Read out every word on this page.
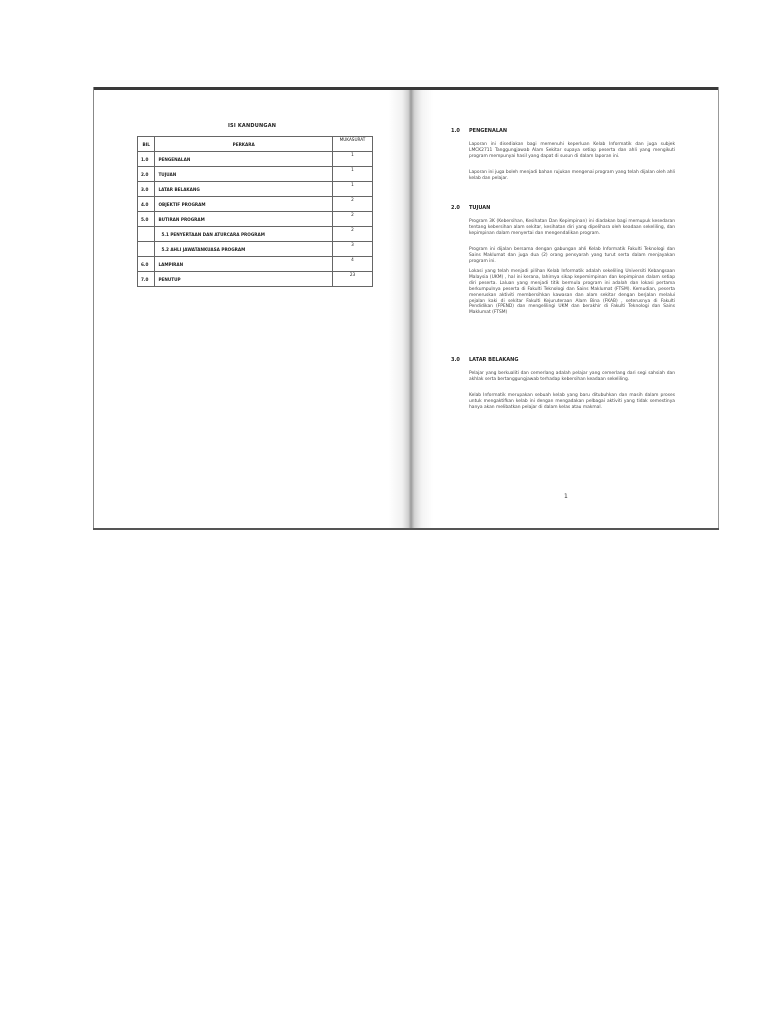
ISI KANDUNGAN
BIL	PERKARA	MUKASURAT
1.0	PENGENALAN	1
2.0	TUJUAN	1
3.0	LATAR BELAKANG	1
4.0	OBJEKTIF PROGRAM	2
5.0	BUTIRAN PROGRAM	2
	5.1 PENYERTAAN DAN ATURCARA PROGRAM	2
	5.2 AHLI JAWATANKUASA PROGRAM	3
6.0	LAMPIRAN	4
7.0	PENUTUP	23
1.0 PENGENALAN
Laporan ini disediakan bagi memenuhi keperluan Kelab Informatik dan juga subjek LMCK2711 Tanggungjawab Alam Sekitar supaya setiap peserta dan ahli yang mengikuti program mempunyai hasil yang dapat di susun di dalam laporan ini.
Laporan ini juga boleh menjadi bahan rujukan mengenai program yang telah dijalan oleh ahli kelab dan pelajar.
2.0 TUJUAN
Program 3K (Kebersihan, Kesihatan Dan Kepimpinan) ini diadakan bagi memupuk kesedaran tentang kebersihan alam sekitar, kesihatan diri yang dipelihara oleh keadaan sekeliling, dan kepimpinan dalam menyertai dan mengendalikan program.
Program ini dijalan bersama dengan gabungan ahli Kelab Informatik Fakulti Teknologi dan Sains Maklumat dan juga dua (2) orang pensyarah yang turut serta dalam menjayakan program ini.
Lokasi yang telah menjadi pilihan Kelab Informatik adalah sekeliling Universiti Kebangsaan Malaysia (UKM) , hal ini kerana, lahirnya sikap kepemimpinan dan kepimpinan dalam setiap diri peserta. Laluan yang menjadi titik bermula program ini adalah dan lokasi pertama berkumpulnya peserta di Fakulti Teknologi dan Sains Maklumat (FTSM). Kemudian, peserta meneruskan aktiviti membersihkan kawasan dan alam sekitar dengan berjalan melalui pejalan kaki di sekitar Fakulti Kejuruteraan Alam Bina (FKAB) , seterusnya di Fakulti Pendidikan (FPEND) dan mengelilingi UKM dan berakhir di Fakulti Teknologi dan Sains Maklumat (FTSM)
3.0 LATAR BELAKANG
Pelajar yang berkualiti dan cemerlang adalah pelajar yang cemerlang dari segi sahsiah dan akhlak serta bertanggungjawab terhadap kebersihan keadaan sekeliling.
Kelab Informatik merupakan sebuah kelab yang baru ditubuhkan dan masih dalam proses untuk mengaktifkan kelab ini dengan mengadakan pelbagai aktiviti yang tidak semestinya hanya akan melibatkan pelajar di dalam kelas atau makmal.
1
